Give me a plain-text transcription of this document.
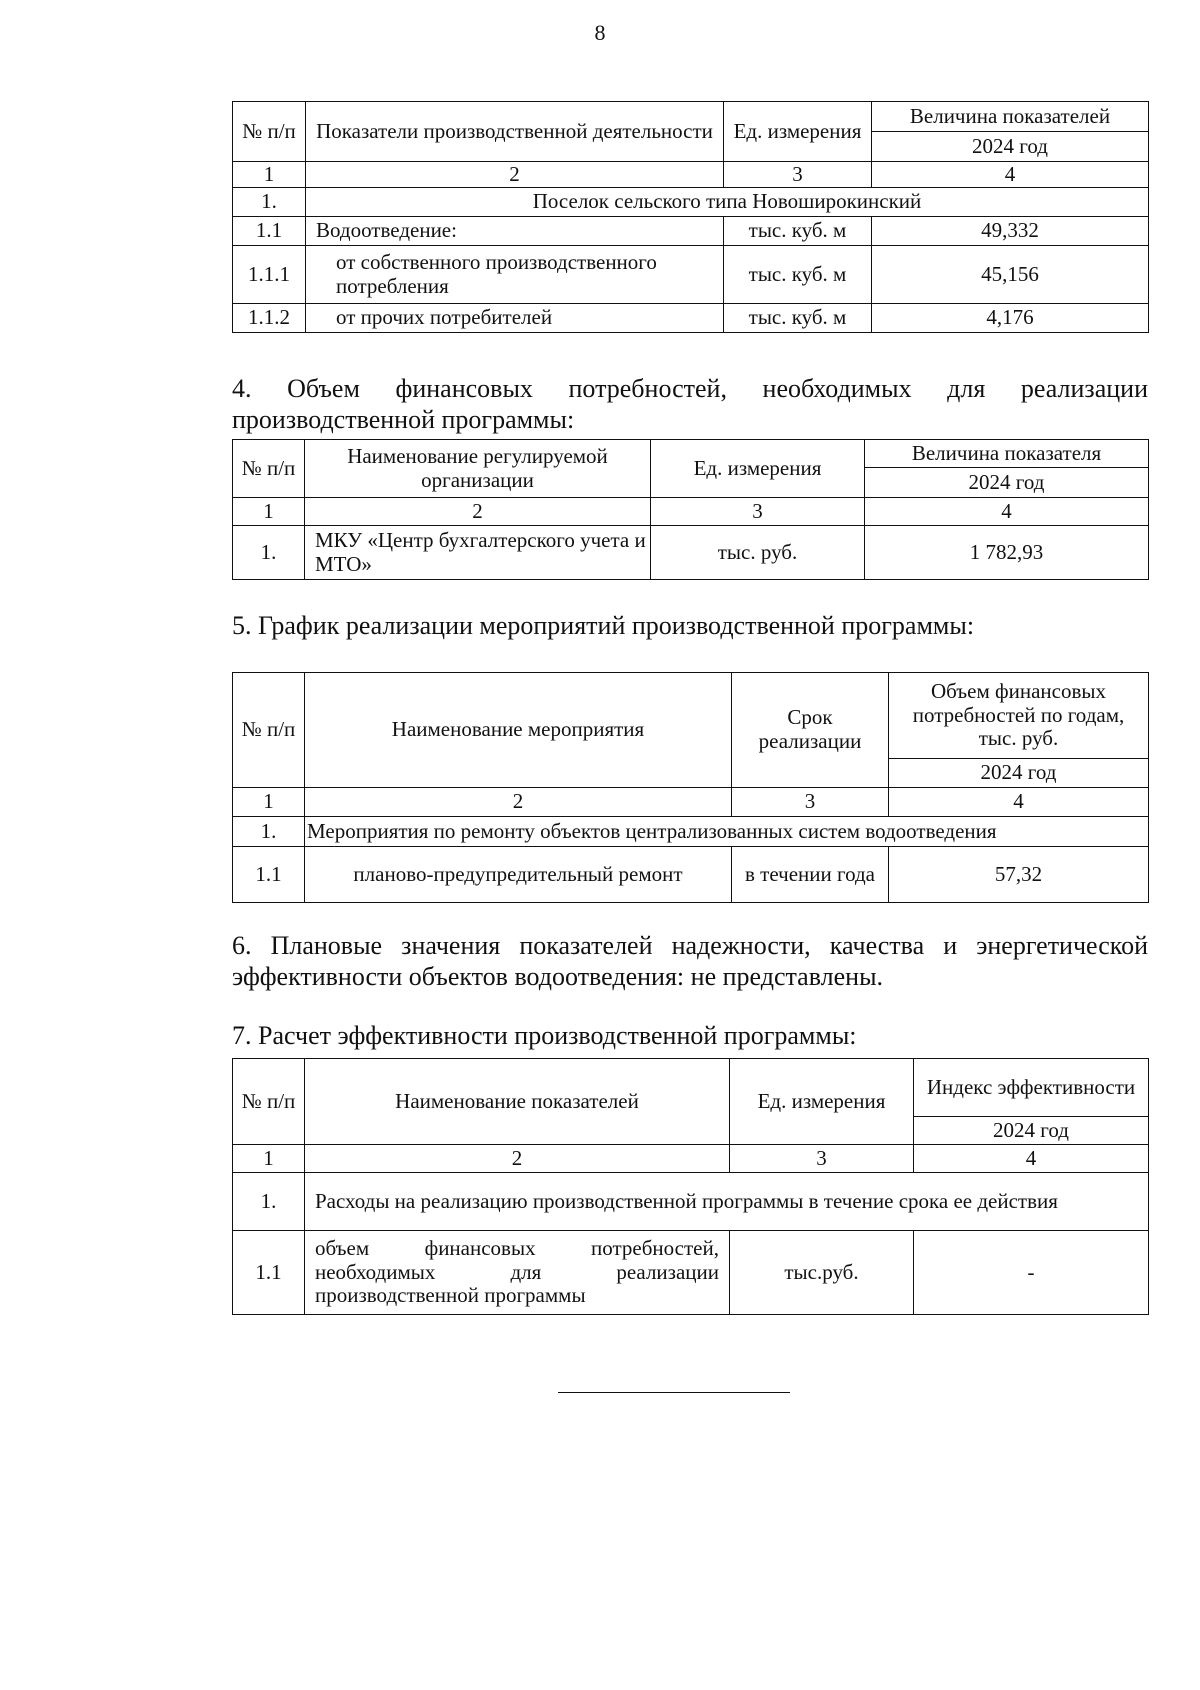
8
№ п/п	Показатели производственной деятельности	Ед. измерения	Величина показателей
			2024 год
1	2	3	4
1.	Поселок сельского типа Новоширокинский		
1.1	Водоотведение:	тыс. куб. м	49,332
1.1.1	от собственного производственного потребления	тыс. куб. м	45,156
1.1.2	от прочих потребителей	тыс. куб. м	4,176
4. Объем финансовых потребностей, необходимых для реализации производственной программы:
№ п/п	Наименование регулируемой организации	Ед. измерения	Величина показателя
			2024 год
1	2	3	4
1.	МКУ «Центр бухгалтерского учета и МТО»	тыс. руб.	1 782,93
5. График реализации мероприятий производственной программы:
№ п/п	Наименование мероприятия	Срок реализации	Объем финансовых потребностей по годам, тыс. руб.
			2024 год
1	2	3	4
1.	Мероприятия по ремонту объектов централизованных систем водоотведения		
1.1	планово-предупредительный ремонт	в течении года	57,32
6. Плановые значения показателей надежности, качества и энергетической эффективности объектов водоотведения: не представлены.
7. Расчет эффективности производственной программы:
№ п/п	Наименование показателей	Ед. измерения	Индекс эффективности
			2024 год
1	2	3	4
1.	Расходы на реализацию производственной программы в течение срока ее действия		
1.1	объем финансовых потребностей, необходимых для реализации производственной программы	тыс.руб.	-
